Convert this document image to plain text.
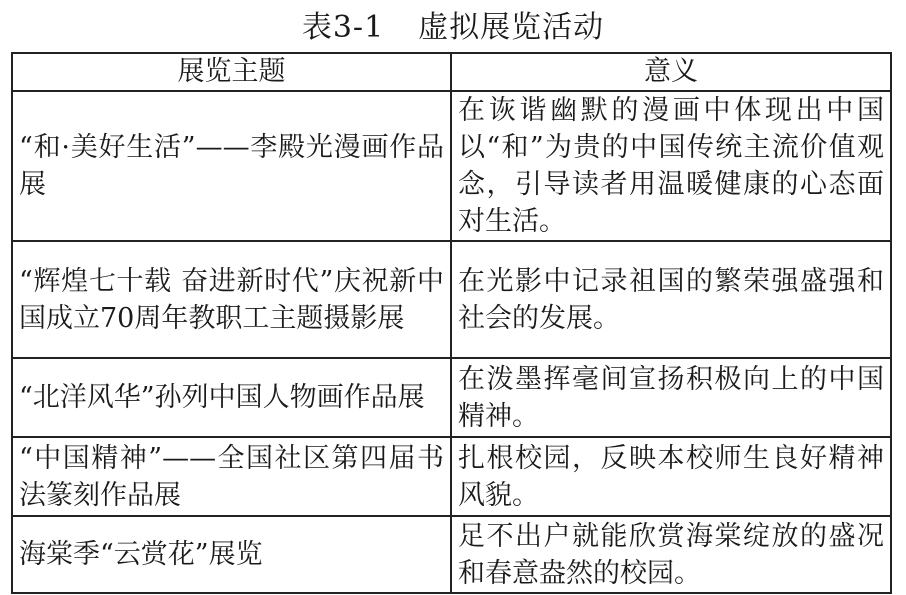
表3-1 虚拟展览活动
展览主题	意义
“和·美好生活”——李殿光漫画作品展	在诙谐幽默的漫画中体现出中国以“和”为贵的中国传统主流价值观念，引导读者用温暖健康的心态面对生活。
“辉煌七十载 奋进新时代”庆祝新中国成立70周年教职工主题摄影展	在光影中记录祖国的繁荣强盛强和社会的发展。
“北洋风华”孙列中国人物画作品展	在泼墨挥毫间宣扬积极向上的中国精神。
“中国精神”——全国社区第四届书法篆刻作品展	扎根校园，反映本校师生良好精神风貌。
海棠季“云赏花”展览	足不出户就能欣赏海棠绽放的盛况和春意盎然的校园。
